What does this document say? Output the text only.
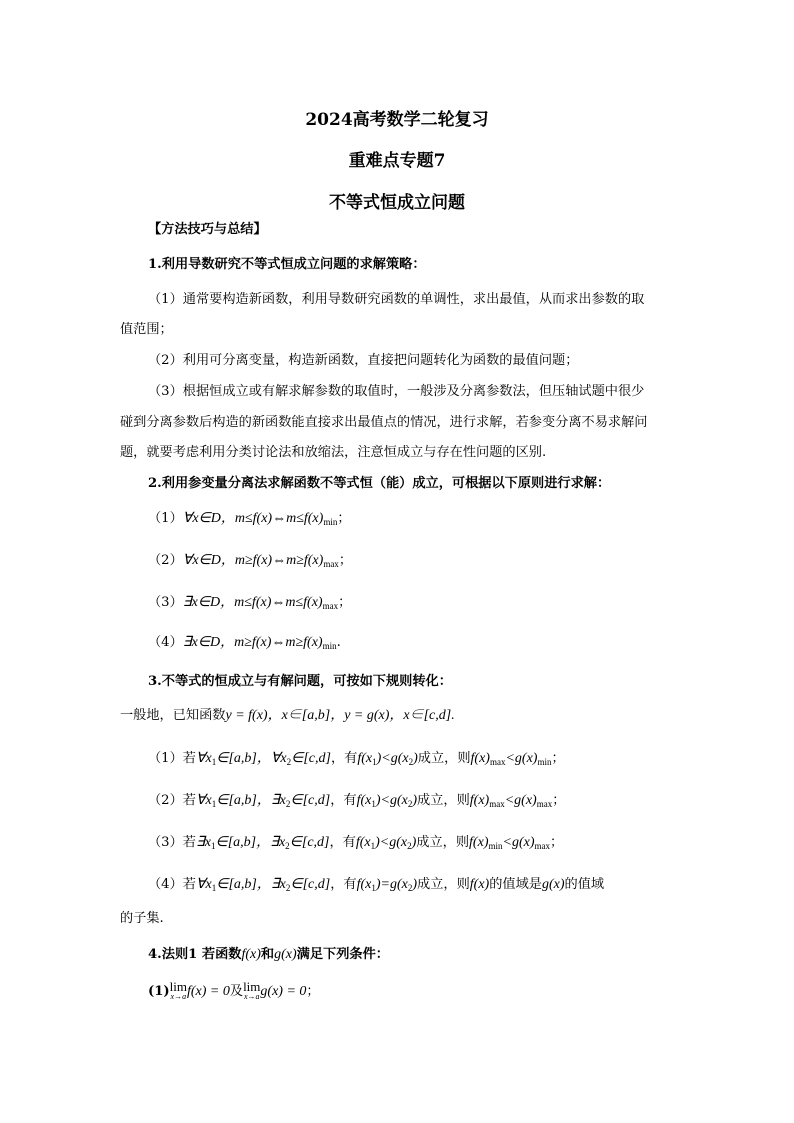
2024高考数学二轮复习
重难点专题7
不等式恒成立问题
【方法技巧与总结】
1.利用导数研究不等式恒成立问题的求解策略：
（1）通常要构造新函数，利用导数研究函数的单调性，求出最值，从而求出参数的取
值范围；
（2）利用可分离变量，构造新函数，直接把问题转化为函数的最值问题；
（3）根据恒成立或有解求解参数的取值时，一般涉及分离参数法，但压轴试题中很少
碰到分离参数后构造的新函数能直接求出最值点的情况，进行求解，若参变分离不易求解问
题，就要考虑利用分类讨论法和放缩法，注意恒成立与存在性问题的区别.
2.利用参变量分离法求解函数不等式恒（能）成立，可根据以下原则进行求解：
（1）∀x∈D，$m\le f(x)\Leftrightarrow m\le f(x)_{min}$；
（2）∀x∈D，$m\ge f(x)\Leftrightarrow m\ge f(x)_{max}$；
（3）∃x∈D，$m\le f(x)\Leftrightarrow m\le f(x)_{max}$；
（4）∃x∈D，$m\ge f(x)\Leftrightarrow m\ge f(x)_{min}$.
3.不等式的恒成立与有解问题，可按如下规则转化：
一般地，已知函数y = f(x)，x∈[a,b]，y = g(x)，x∈[c,d].
（1）若$\forall x_1\in[a,b]$，$\forall x_2\in[c,d]$，有$f(x_1)<g(x_2)$成立，则$f(x)_{max}<g(x)_{min}$；
（2）若$\forall x_1\in[a,b]$，$\exists x_2\in[c,d]$，有$f(x_1)<g(x_2)$成立，则$f(x)_{max}<g(x)_{max}$；
（3）若$\exists x_1\in[a,b]$，$\exists x_2\in[c,d]$，有$f(x_1)<g(x_2)$成立，则$f(x)_{min}<g(x)_{max}$；
（4）若$\forall x_1\in[a,b]$，$\exists x_2\in[c,d]$，有$f(x_1)=g(x_2)$成立，则f(x)的值域是g(x)的值域
的子集.
4.法则1 若函数f(x)和g(x)满足下列条件：
(1) lim
x→a f(x) = 0及 lim
x→a g(x) = 0；
